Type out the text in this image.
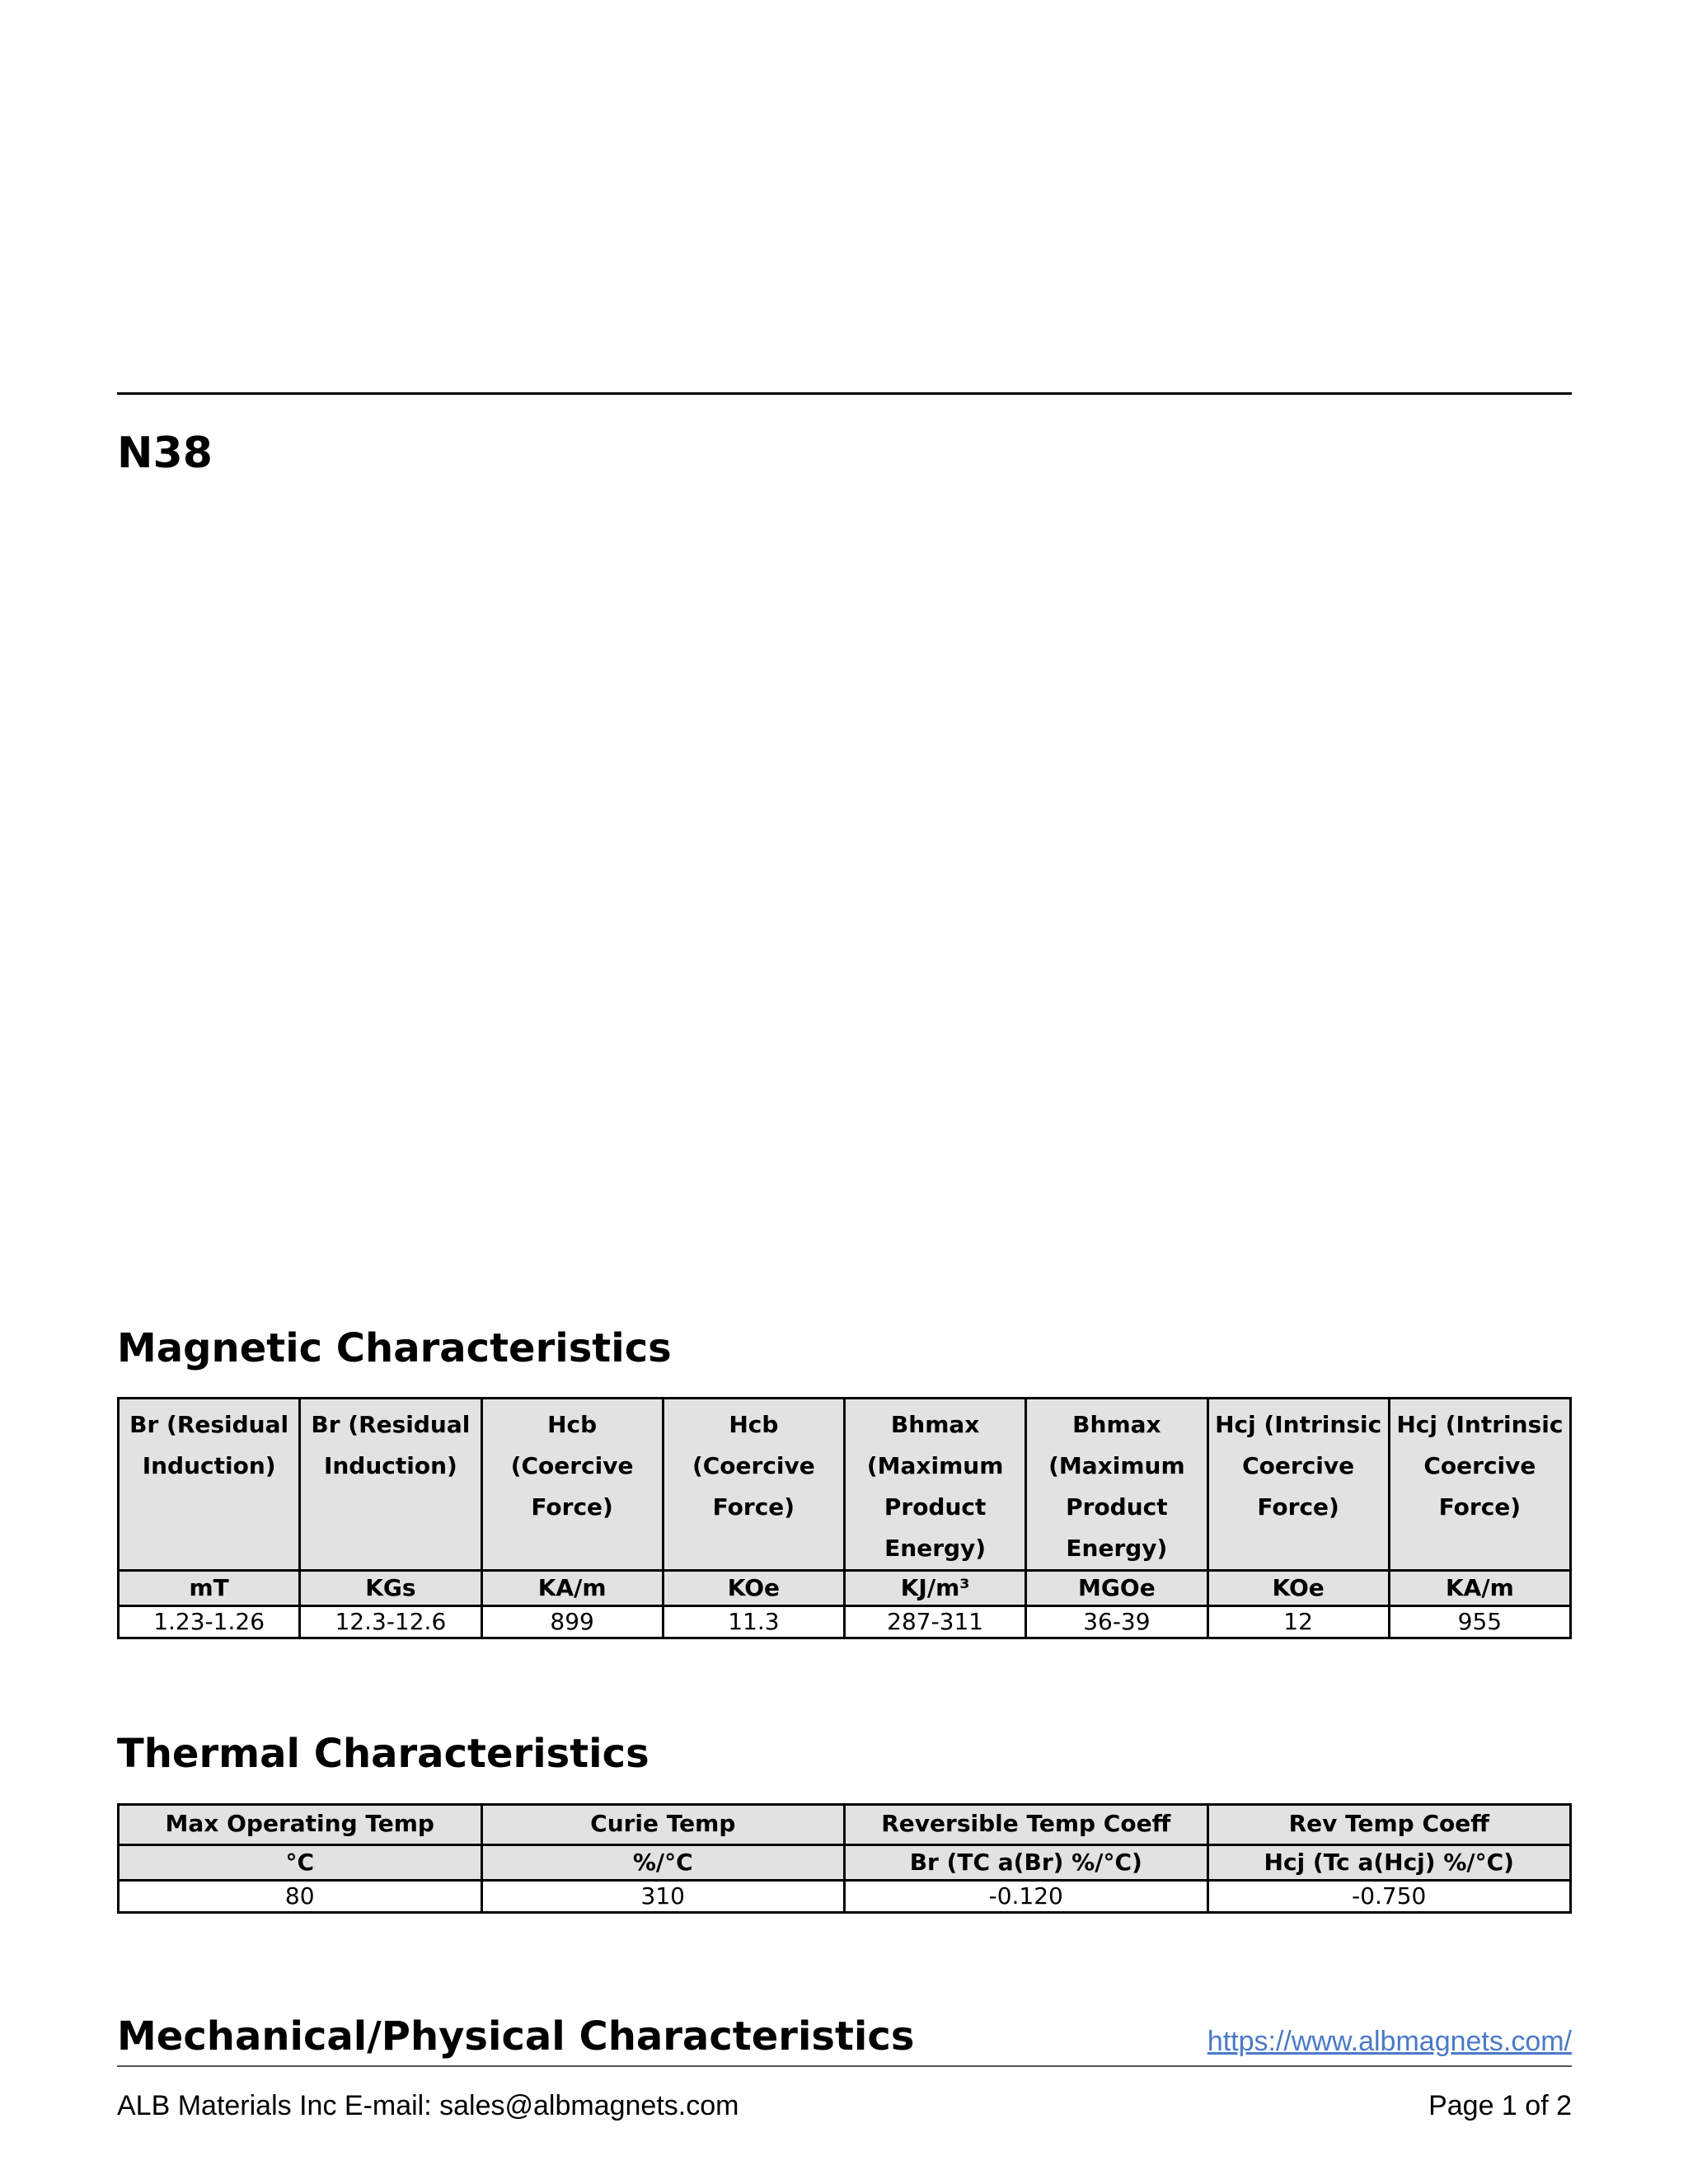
N38
Magnetic Characteristics
Br (Residual Induction)	Br (Residual Induction)	Hcb (Coercive Force)	Hcb (Coercive Force)	Bhmax (Maximum Product Energy)	Bhmax (Maximum Product Energy)	Hcj (Intrinsic Coercive Force)	Hcj (Intrinsic Coercive Force)
mT	KGs	KA/m	KOe	KJ/m³	MGOe	KOe	KA/m
1.23-1.26	12.3-12.6	899	11.3	287-311	36-39	12	955
Thermal Characteristics
Max Operating Temp	Curie Temp	Reversible Temp Coeff	Rev Temp Coeff
°C	%/°C	Br (TC a(Br) %/°C)	Hcj (Tc a(Hcj) %/°C)
80	310	-0.120	-0.750
Mechanical/Physical Characteristics	https://www.albmagnets.com/
ALB Materials Inc E-mail: sales@albmagnets.com	Page 1 of 2
